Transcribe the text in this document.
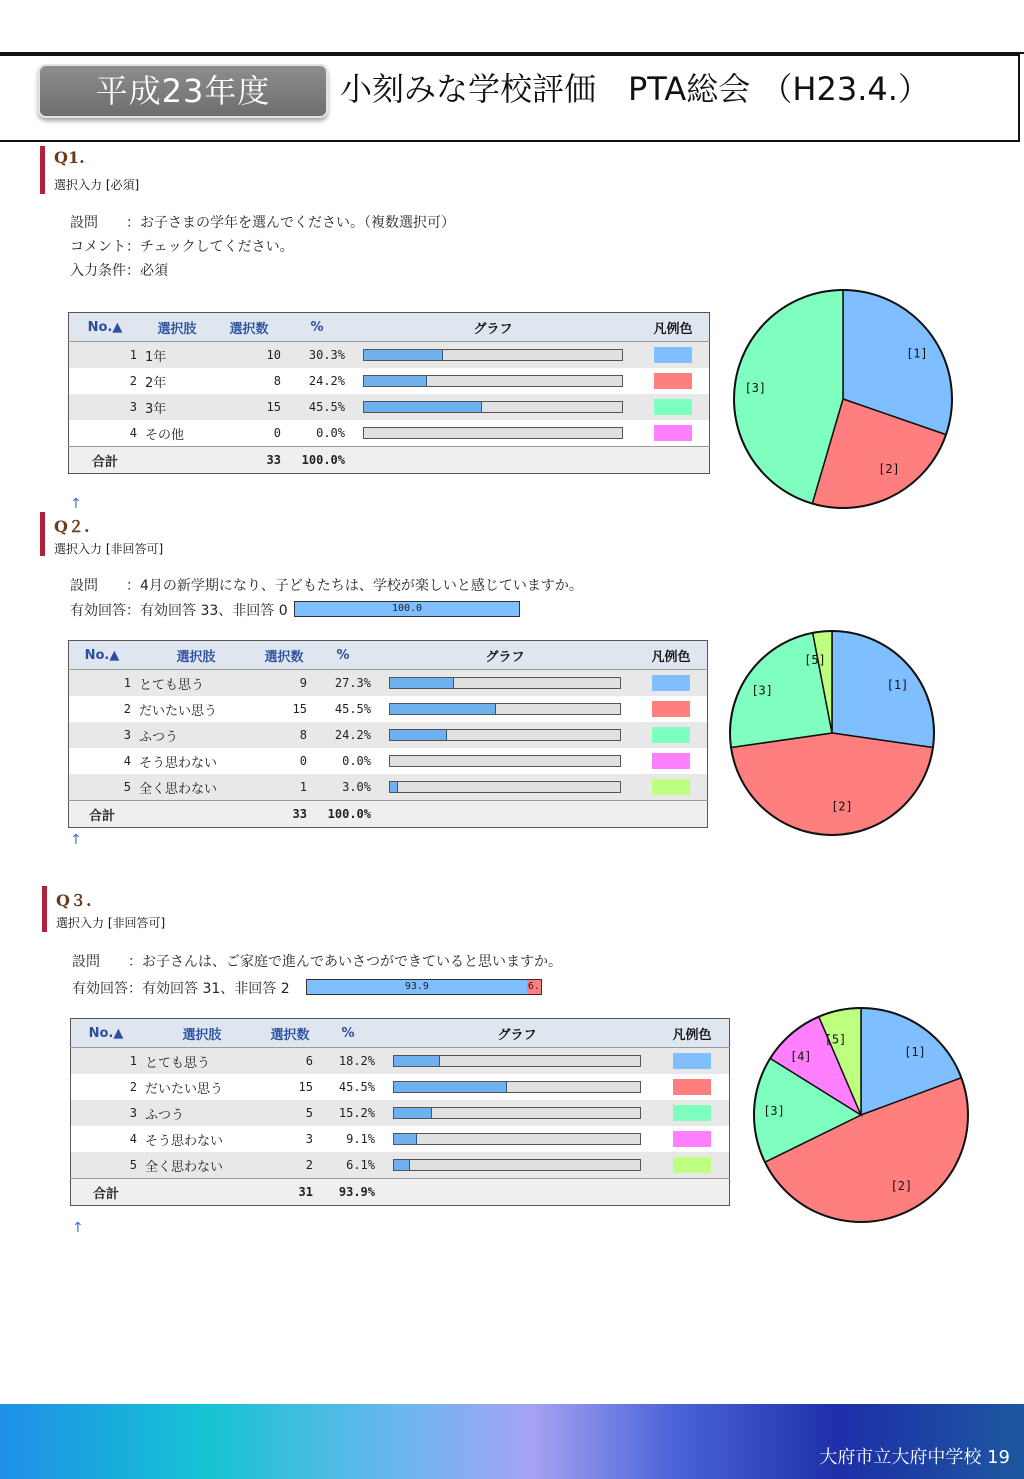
平成23年度	小刻みな学校評価　PTA総会 （H23.4.）
Q1.
選択入力 [必須]
設問　　：お子さまの学年を選んでください。（複数選択可）
コメント：チェックしてください。
入力条件：必須
No.▲	選択肢	選択数	%	グラフ	凡例色
1	1年	10	30.3%	

2	2年	8	24.2%	

3	3年	15	45.5%	

4	その他	0	0.0%	

合計		33	100.0%		
↑
[1]
[2]
[3]
Q２.
選択入力 [非回答可]
設問　　：4月の新学期になり、子どもたちは、学校が楽しいと感じていますか。
有効回答：有効回答 33、非回答 0	100.0
No.▲	選択肢	選択数	%	グラフ	凡例色
1	とても思う	9	27.3%	

2	だいたい思う	15	45.5%	

3	ふつう	8	24.2%	

4	そう思わない	0	0.0%	

5	全く思わない	1	3.0%	

合計		33	100.0%		
↑
[1]
[2]
[3]
[5]
Q３.
選択入力 [非回答可]
設問　　：お子さんは、ご家庭で進んであいさつができていると思いますか。
有効回答：有効回答 31、非回答 2	93.9	6.
No.▲	選択肢	選択数	%	グラフ	凡例色
1	とても思う	6	18.2%	

2	だいたい思う	15	45.5%	

3	ふつう	5	15.2%	

4	そう思わない	3	9.1%	

5	全く思わない	2	6.1%	

合計		31	93.9%		
↑
[1]
[2]
[3]
[4]
[5]
大府市立大府中学校 19
